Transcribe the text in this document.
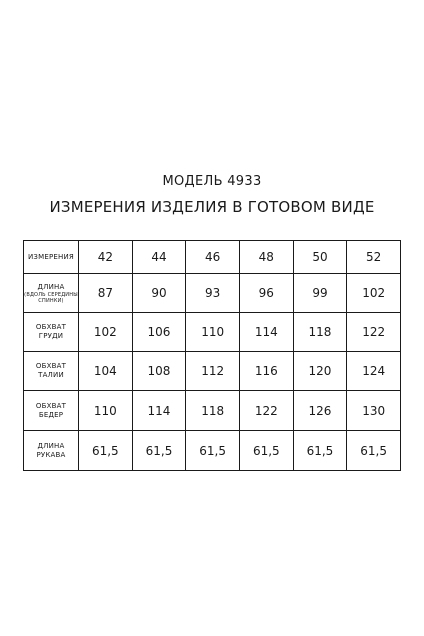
МОДЕЛЬ 4933
ИЗМЕРЕНИЯ ИЗДЕЛИЯ В ГОТОВОМ ВИДЕ
ИЗМЕРЕНИЯ	42	44	46	48	50	52

ДЛИНА
(ВДОЛЬ СЕРЕДИНЫ
СПИНКИ)	87	90	93	96	99	102

ОБХВАТ
ГРУДИ	102	106	110	114	118	122

ОБХВАТ
ТАЛИИ	104	108	112	116	120	124

ОБХВАТ
БЕДЕР	110	114	118	122	126	130

ДЛИНА
РУКАВА	61,5	61,5	61,5	61,5	61,5	61,5
